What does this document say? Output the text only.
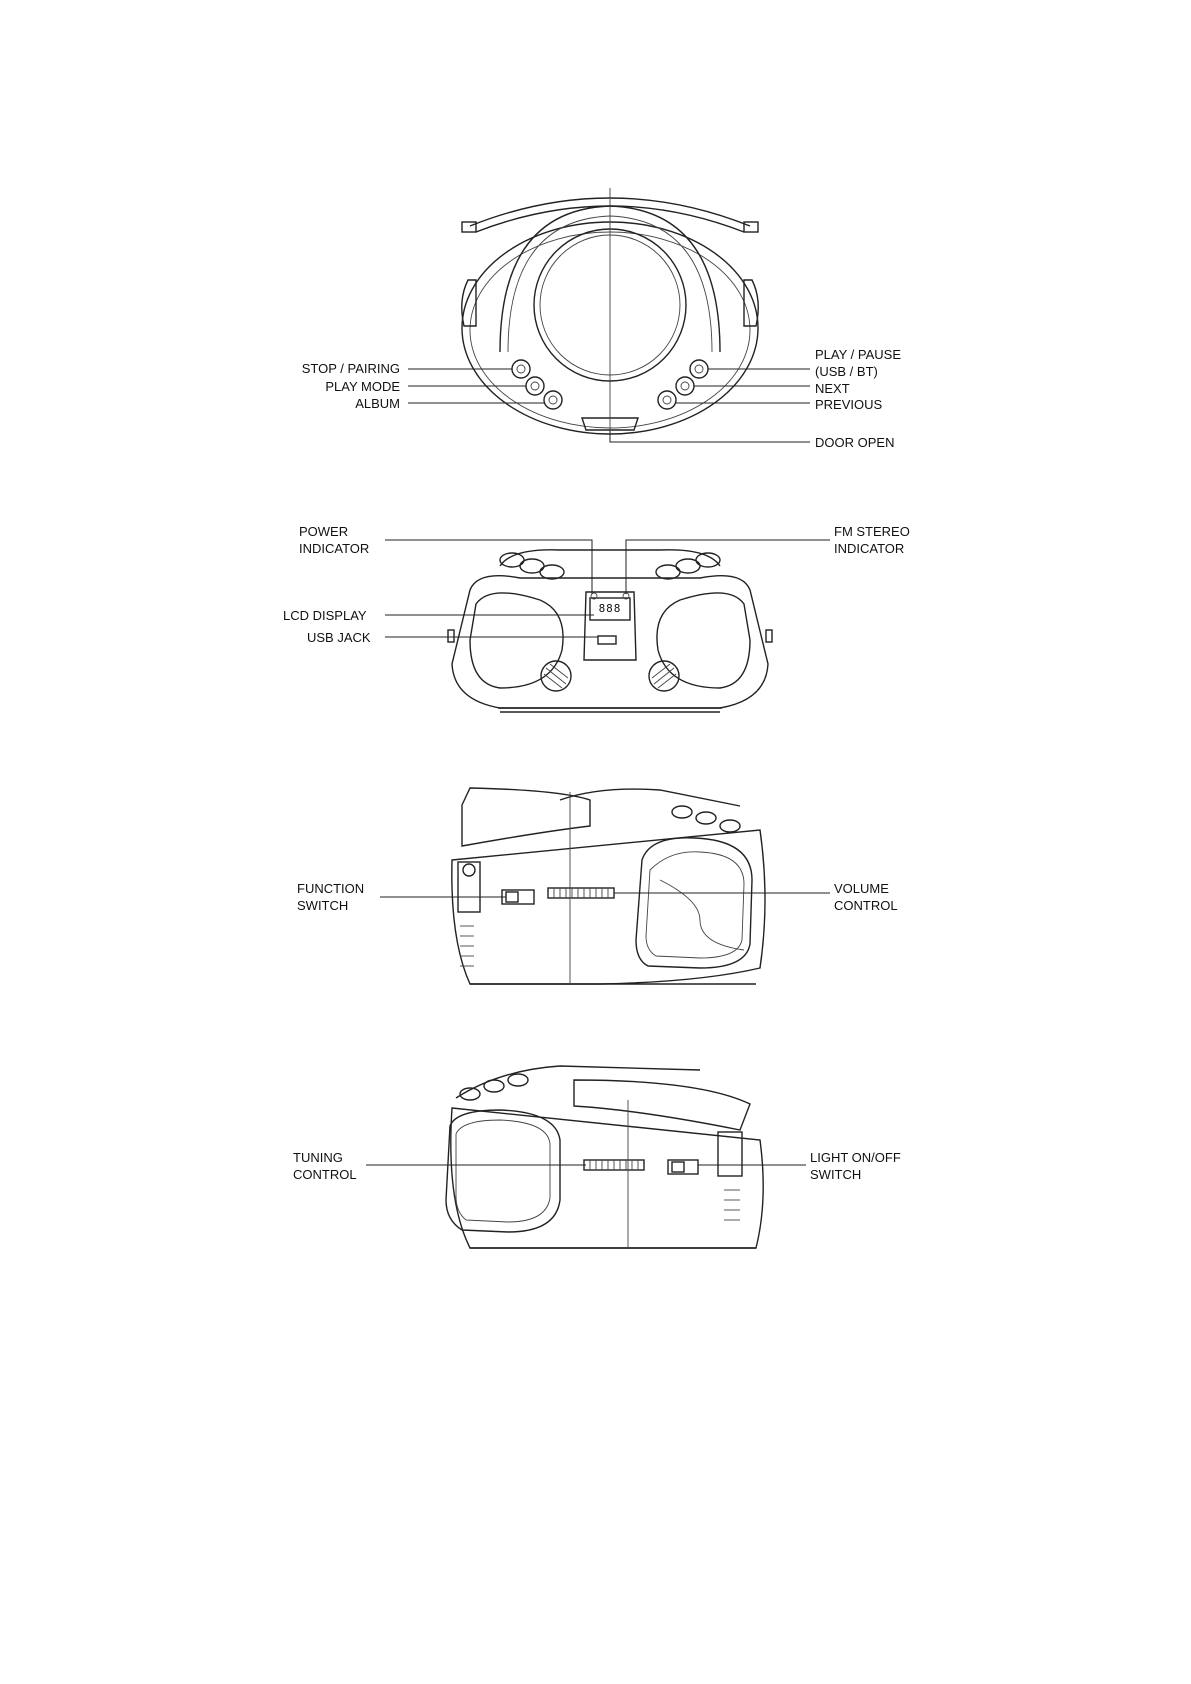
STOP / PAIRING
PLAY MODE
ALBUM
PLAY / PAUSE
(USB / BT)
NEXT
PREVIOUS
DOOR OPEN
POWER
INDICATOR
FM STEREO
INDICATOR
LCD DISPLAY
USB JACK
888
FUNCTION
SWITCH
VOLUME
CONTROL
TUNING
CONTROL
LIGHT ON/OFF
SWITCH
